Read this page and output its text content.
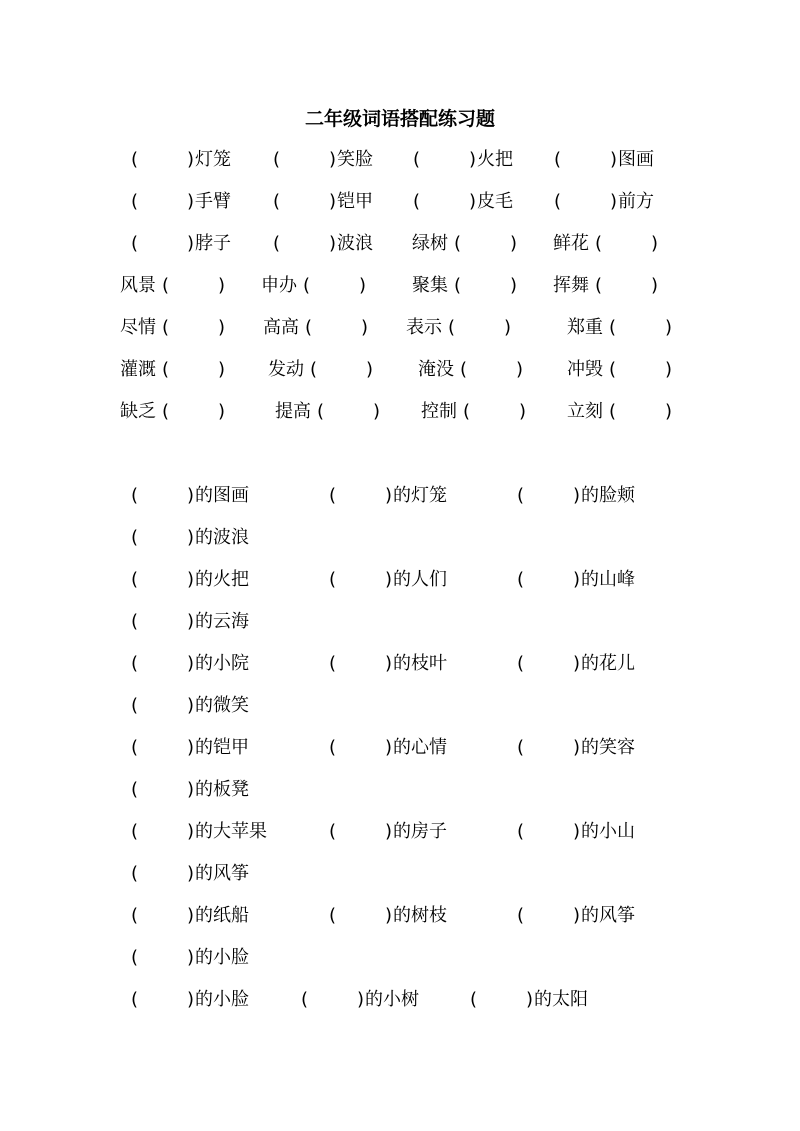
二年级词语搭配练习题
(	)灯笼 (	)笑脸 (	)火把 (	)图画
(	)手臂 (	)铠甲 (	)皮毛 (	)前方
(	)脖子 (	)波浪 绿树 (	) 鲜花 (	)
风景 (	) 申办 (	)	聚集 (	) 挥舞 (	)
尽情 (	) 高高 (	) 表示 (	)	郑重 (	)
灌溉 (	) 发动 (	) 淹没 (	) 冲毁 (	)
缺乏 (	)	提高 (	) 控制 (	) 立刻 (	)
(	)的图画	(	)的灯笼	(	)的脸颊
(	)的波浪
(	)的火把	(	)的人们	(	)的山峰
(	)的云海
(	)的小院	(	)的枝叶	(	)的花儿
(	)的微笑
(	)的铠甲	(	)的心情	(	)的笑容
(	)的板凳
(	)的大苹果	(	)的房子	(	)的小山
(	)的风筝
(	)的纸船	(	)的树枝	(	)的风筝
(	)的小脸
(	)的小脸	(	)的小树	(	)的太阳
